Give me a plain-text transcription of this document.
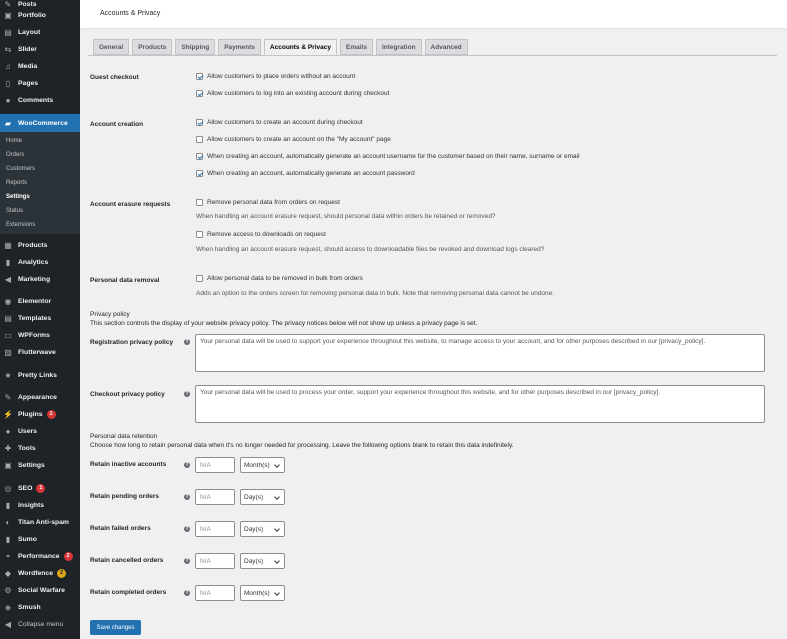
✎ Posts
▣ Portfolio
▤ Layout
⇆ Slider
♫ Media
▯ Pages
● Comments
▰ WooCommerce
Home
Orders
Customers
Reports
Settings
Status
Extensions
▦ Products
▮ Analytics
◀ Marketing
◉ Elementor
▤ Templates
▭ WPForms
▨ Flutterwave
★ Pretty Links
✎ Appearance
⚡ Plugins	1
● Users
✚ Tools
▣ Settings
◎ SEO	1
▮ Insights
◐ Titan Anti-spam
▮ Sumo
◓ Performance	2
◆ Wordfence	2
⚙ Social Warfare
◈ Smush
◀ Collapse menu
Accounts & Privacy
General	Products	Shipping	Payments	Accounts & Privacy	Emails	Integration	Advanced
Guest checkout	Allow customers to place orders without an account
Allow customers to log into an existing account during checkout
Account creation	Allow customers to create an account during checkout
Allow customers to create an account on the "My account" page
When creating an account, automatically generate an account username for the customer based on their name, surname or email
When creating an account, automatically generate an account password
Account erasure requests	Remove personal data from orders on request
When handling an account erasure request, should personal data within orders be retained or removed?
Remove access to downloads on request
When handling an account erasure request, should access to downloadable files be revoked and download logs cleared?
Personal data removal	Allow personal data to be removed in bulk from orders
Adds an option to the orders screen for removing personal data in bulk. Note that removing personal data cannot be undone.
Privacy policy
This section controls the display of your website privacy policy. The privacy notices below will not show up unless a privacy page is set.
Registration privacy policy ?	Your personal data will be used to support your experience throughout this website, to manage access to your account, and for other purposes described in our [privacy_policy].
Checkout privacy policy	?	Your personal data will be used to process your order, support your experience throughout this website, and for other purposes described in our [privacy_policy].
Personal data retention
Choose how long to retain personal data when it's no longer needed for processing. Leave the following options blank to retain this data indefinitely.
Retain inactive accounts	?	N/A	Month(s)
Retain pending orders	?	N/A	Day(s)
Retain failed orders	?	N/A	Day(s)
Retain cancelled orders	?	N/A	Day(s)
Retain completed orders	?	N/A	Month(s)
Save changes
